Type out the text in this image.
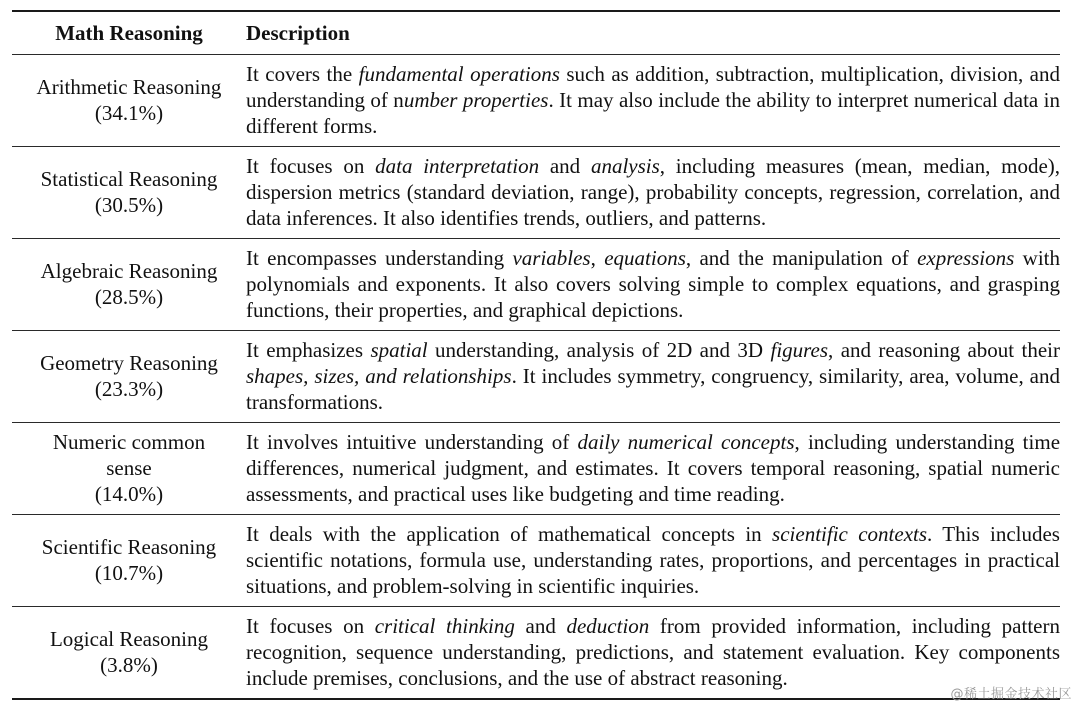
Math Reasoning	Description
Arithmetic Reasoning
(34.1%)
It covers the fundamental operations such as addition, subtraction, multiplication, division, and understanding of number properties. It may also include the ability to interpret numerical data in different forms.
Statistical Reasoning
(30.5%)
It focuses on data interpretation and analysis, including measures (mean, median, mode), dispersion metrics (standard deviation, range), probability concepts, regression, correlation, and data inferences. It also identifies trends, outliers, and patterns.
Algebraic Reasoning
(28.5%)
It encompasses understanding variables, equations, and the manipulation of expressions with polynomials and exponents. It also covers solving simple to complex equations, and grasping functions, their properties, and graphical depictions.
Geometry Reasoning
(23.3%)
It emphasizes spatial understanding, analysis of 2D and 3D figures, and reasoning about their shapes, sizes, and relationships. It includes symmetry, congruency, similarity, area, volume, and transformations.
Numeric common
sense
(14.0%)
It involves intuitive understanding of daily numerical concepts, including understanding time differences, numerical judgment, and estimates. It covers temporal reasoning, spatial numeric assessments, and practical uses like budgeting and time reading.
Scientific Reasoning
(10.7%)
It deals with the application of mathematical concepts in scientific contexts. This includes scientific notations, formula use, understanding rates, proportions, and percentages in practical situations, and problem-solving in scientific inquiries.
Logical Reasoning
(3.8%)
It focuses on critical thinking and deduction from provided information, including pattern recognition, sequence understanding, predictions, and statement evaluation. Key components include premises, conclusions, and the use of abstract reasoning.
@稀土掘金技术社区
